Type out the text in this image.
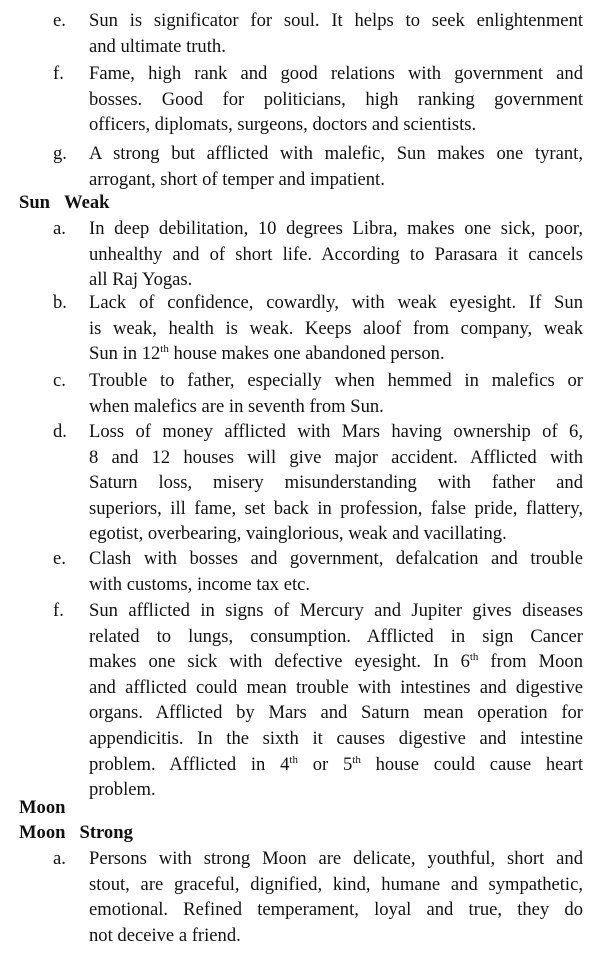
e.	Sun is significator for soul. It helps to seek enlightenment
and ultimate truth.
f.	Fame, high rank and good relations with government and
bosses. Good for politicians, high ranking government
officers, diplomats, surgeons, doctors and scientists.
g.	A strong but afflicted with malefic, Sun makes one tyrant,
arrogant, short of temper and impatient.
Sun Weak
a.	In deep debilitation, 10 degrees Libra, makes one sick, poor,
unhealthy and of short life. According to Parasara it cancels
all Raj Yogas.
b.	Lack of confidence, cowardly, with weak eyesight. If Sun
is weak, health is weak. Keeps aloof from company, weak
Sun in 12th house makes one abandoned person.
c.	Trouble to father, especially when hemmed in malefics or
when malefics are in seventh from Sun.
d.	Loss of money afflicted with Mars having ownership of 6,
8 and 12 houses will give major accident. Afflicted with
Saturn loss, misery misunderstanding with father and
superiors, ill fame, set back in profession, false pride, flattery,
egotist, overbearing, vainglorious, weak and vacillating.
e.	Clash with bosses and government, defalcation and trouble
with customs, income tax etc.
f.	Sun afflicted in signs of Mercury and Jupiter gives diseases
related to lungs, consumption. Afflicted in sign Cancer
makes one sick with defective eyesight. In 6th from Moon
and afflicted could mean trouble with intestines and digestive
organs. Afflicted by Mars and Saturn mean operation for
appendicitis. In the sixth it causes digestive and intestine
problem. Afflicted in 4th or 5th house could cause heart
problem.
Moon
Moon Strong
a.	Persons with strong Moon are delicate, youthful, short and
stout, are graceful, dignified, kind, humane and sympathetic,
emotional. Refined temperament, loyal and true, they do
not deceive a friend.
